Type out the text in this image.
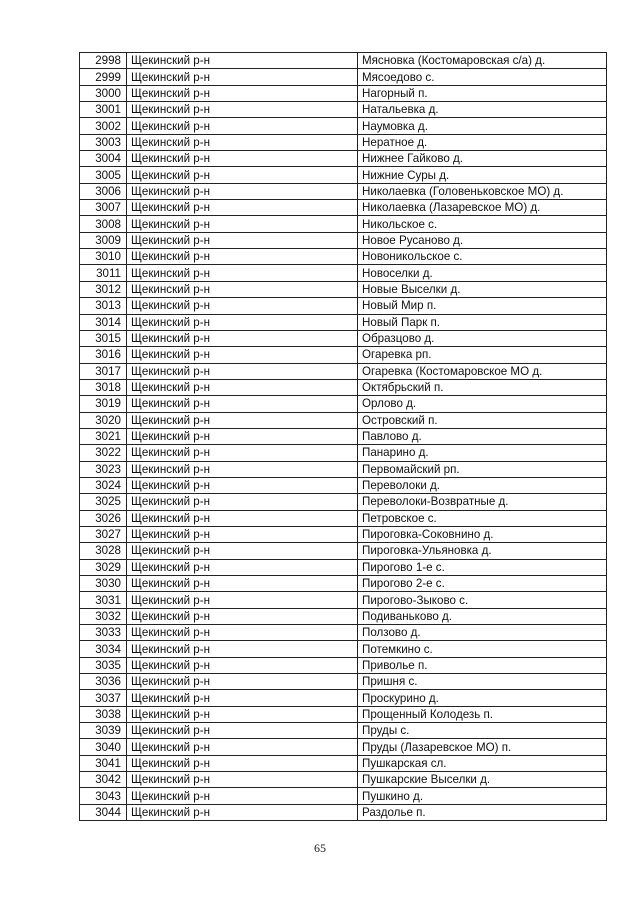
2998	Щекинский р-н	Мясновка (Костомаровская с/а) д.
2999	Щекинский р-н	Мясоедово с.
3000	Щекинский р-н	Нагорный п.
3001	Щекинский р-н	Натальевка д.
3002	Щекинский р-н	Наумовка д.
3003	Щекинский р-н	Нератное д.
3004	Щекинский р-н	Нижнее Гайково д.
3005	Щекинский р-н	Нижние Суры д.
3006	Щекинский р-н	Николаевка (Головеньковское МО) д.
3007	Щекинский р-н	Николаевка (Лазаревское МО) д.
3008	Щекинский р-н	Никольское с.
3009	Щекинский р-н	Новое Русаново д.
3010	Щекинский р-н	Новоникольское с.
3011	Щекинский р-н	Новоселки д.
3012	Щекинский р-н	Новые Выселки д.
3013	Щекинский р-н	Новый Мир п.
3014	Щекинский р-н	Новый Парк п.
3015	Щекинский р-н	Образцово д.
3016	Щекинский р-н	Огаревка рп.
3017	Щекинский р-н	Огаревка (Костомаровское МО д.
3018	Щекинский р-н	Октябрьский п.
3019	Щекинский р-н	Орлово д.
3020	Щекинский р-н	Островский п.
3021	Щекинский р-н	Павлово д.
3022	Щекинский р-н	Панарино д.
3023	Щекинский р-н	Первомайский рп.
3024	Щекинский р-н	Переволоки д.
3025	Щекинский р-н	Переволоки-Возвратные д.
3026	Щекинский р-н	Петровское с.
3027	Щекинский р-н	Пироговка-Соковнино д.
3028	Щекинский р-н	Пироговка-Ульяновка д.
3029	Щекинский р-н	Пирогово 1-е с.
3030	Щекинский р-н	Пирогово 2-е с.
3031	Щекинский р-н	Пирогово-Зыково с.
3032	Щекинский р-н	Подиваньково д.
3033	Щекинский р-н	Ползово д.
3034	Щекинский р-н	Потемкино с.
3035	Щекинский р-н	Приволье п.
3036	Щекинский р-н	Пришня с.
3037	Щекинский р-н	Проскурино д.
3038	Щекинский р-н	Прощенный Колодезь п.
3039	Щекинский р-н	Пруды с.
3040	Щекинский р-н	Пруды (Лазаревское МО) п.
3041	Щекинский р-н	Пушкарская сл.
3042	Щекинский р-н	Пушкарские Выселки д.
3043	Щекинский р-н	Пушкино д.
3044	Щекинский р-н	Раздолье п.
65
